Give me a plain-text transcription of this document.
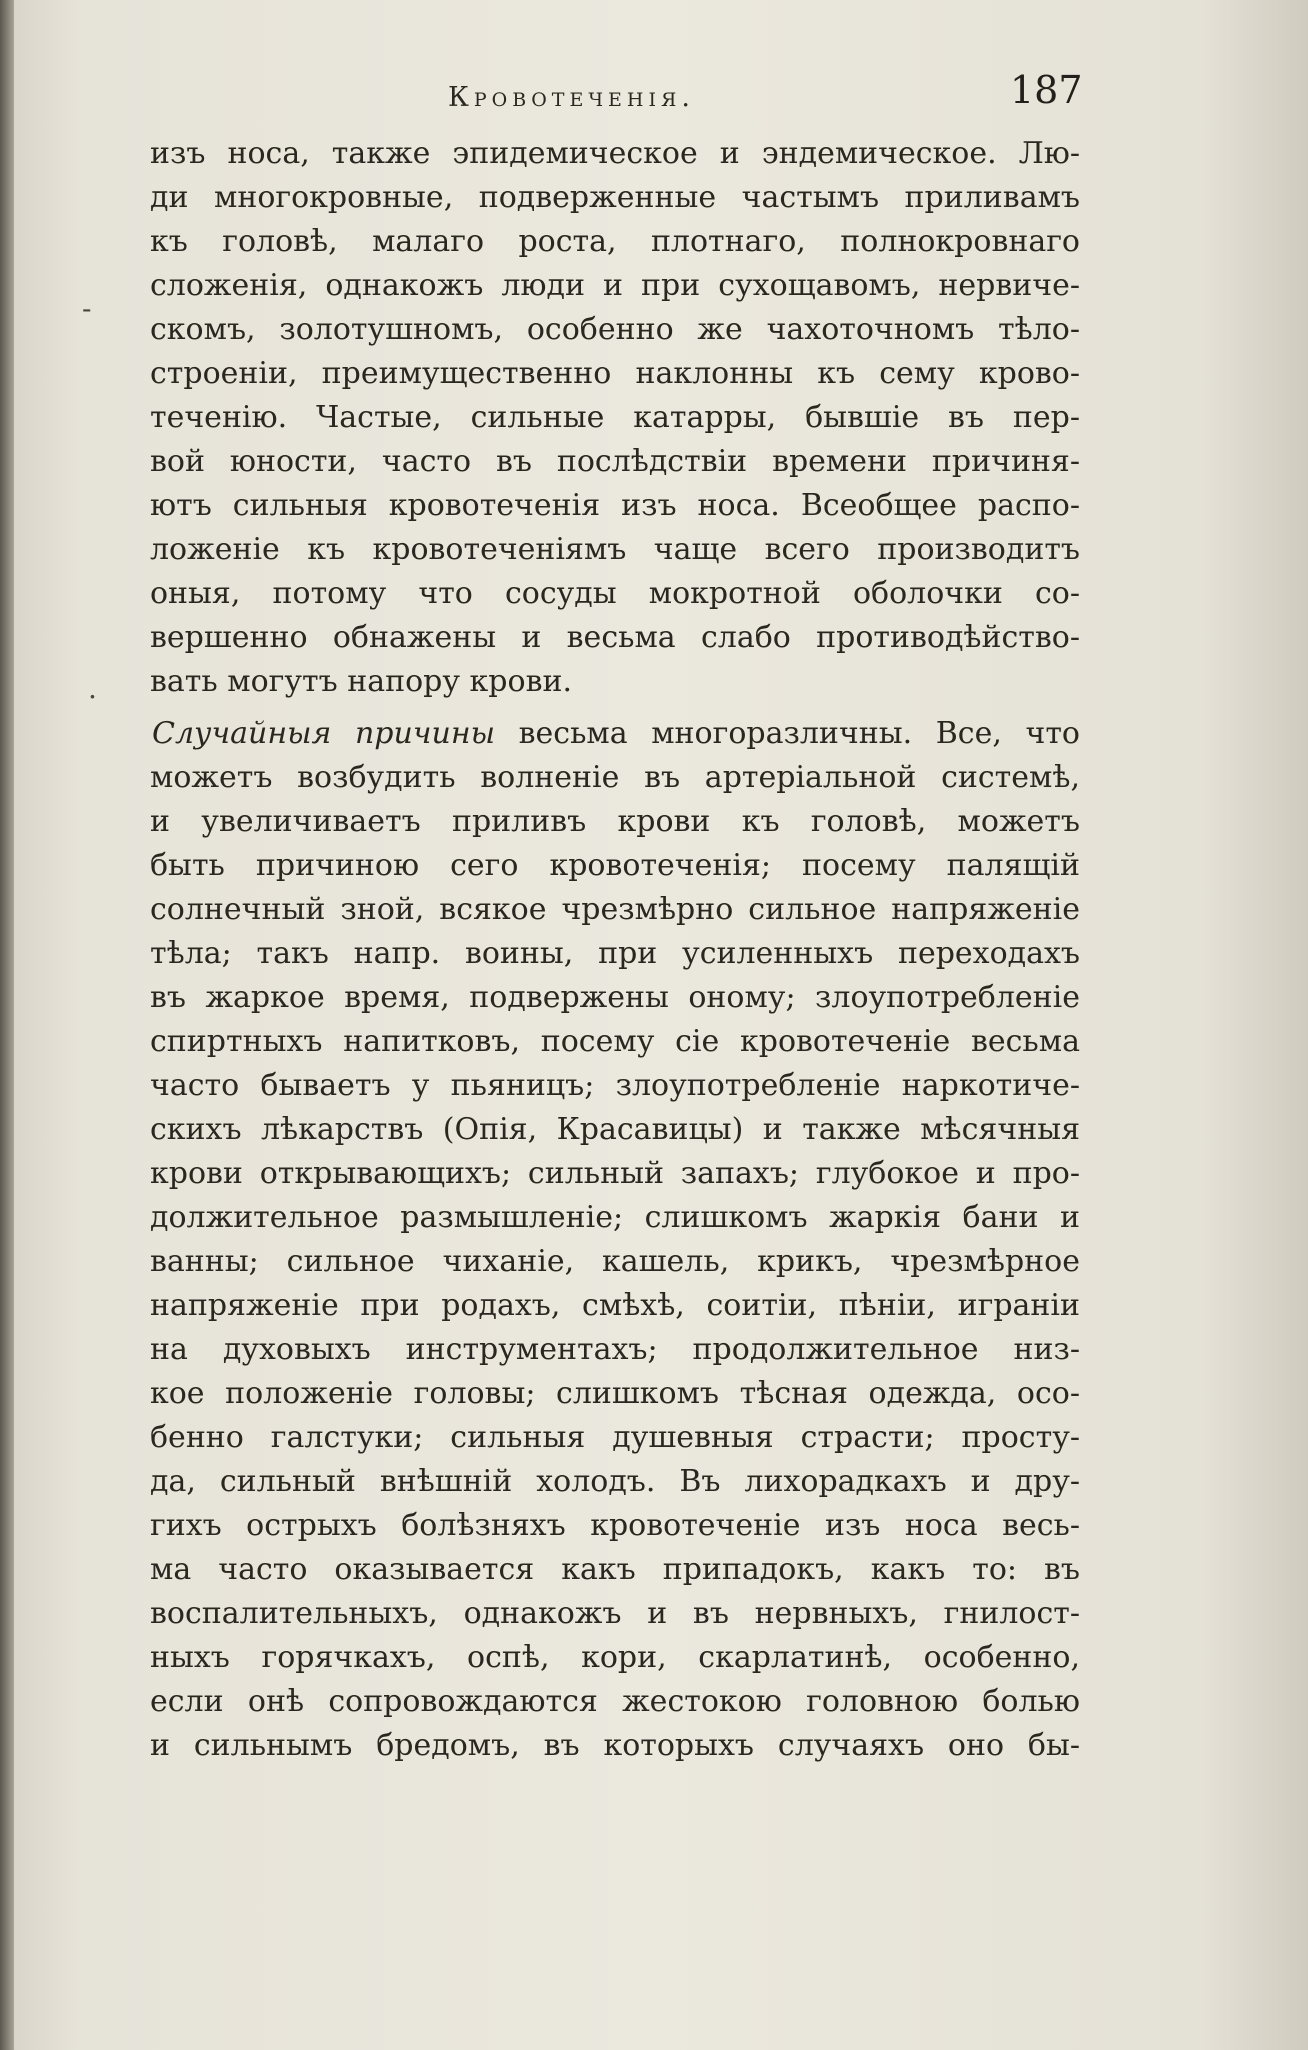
Кровотеченія.	187
-
.
изъ носа, также эпидемическое и эндемическое. Лю-
ди многокровные, подверженные частымъ приливамъ
къ головѣ, малаго роста, плотнаго, полнокровнаго
сложенія, однакожъ люди и при сухощавомъ, нервиче-
скомъ, золотушномъ, особенно же чахоточномъ тѣло-
строеніи, преимущественно наклонны къ сему крово-
теченію. Частые, сильные катарры, бывшіе въ пер-
вой юности, часто въ послѣдствіи времени причиня-
ютъ сильныя кровотеченія изъ носа. Всеобщее распо-
ложеніе къ кровотеченіямъ чаще всего производитъ
оныя, потому что сосуды мокротной оболочки со-
вершенно обнажены и весьма слабо противодѣйство-
вать могутъ напору крови.
Случайныя причины весьма многоразличны. Все, что
можетъ возбудить волненіе въ артеріальной системѣ,
и увеличиваетъ приливъ крови къ головѣ, можетъ
быть причиною сего кровотеченія; посему палящій
солнечный зной, всякое чрезмѣрно сильное напряженіе
тѣла; такъ напр. воины, при усиленныхъ переходахъ
въ жаркое время, подвержены оному; злоупотребленіе
спиртныхъ напитковъ, посему сіе кровотеченіе весьма
часто бываетъ у пьяницъ; злоупотребленіе наркотиче-
скихъ лѣкарствъ (Опія, Красавицы) и также мѣсячныя
крови открывающихъ; сильный запахъ; глубокое и про-
должительное размышленіе; слишкомъ жаркія бани и
ванны; сильное чиханіе, кашель, крикъ, чрезмѣрное
напряженіе при родахъ, смѣхѣ, соитіи, пѣніи, играніи
на духовыхъ инструментахъ; продолжительное низ-
кое положеніе головы; слишкомъ тѣсная одежда, осо-
бенно галстуки; сильныя душевныя страсти; просту-
да, сильный внѣшній холодъ. Въ лихорадкахъ и дру-
гихъ острыхъ болѣзняхъ кровотеченіе изъ носа весь-
ма часто оказывается какъ припадокъ, какъ то: въ
воспалительныхъ, однакожъ и въ нервныхъ, гнилост-
ныхъ горячкахъ, оспѣ, кори, скарлатинѣ, особенно,
если онѣ сопровождаются жестокою головною болью
и сильнымъ бредомъ, въ которыхъ случаяхъ оно бы-
